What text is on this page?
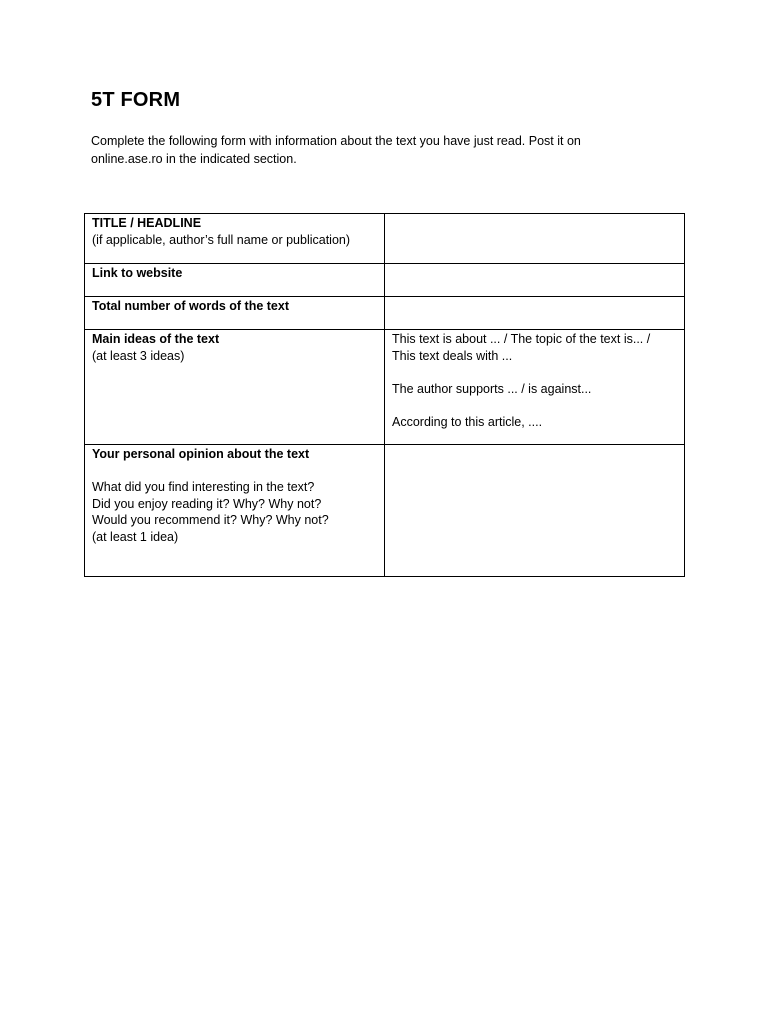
5T FORM
Complete the following form with information about the text you have just read. Post it on
online.ase.ro in the indicated section.
TITLE / HEADLINE
(if applicable, author’s full name or publication)	

Link to website	

Total number of words of the text	

Main ideas of the text
(at least 3 ideas)	This text is about ... / The topic of the text is... /
This text deals with ...
The author supports ... / is against...
According to this article, ....

Your personal opinion about the text
What did you find interesting in the text?
Did you enjoy reading it? Why? Why not?
Would you recommend it? Why? Why not?
(at least 1 idea)	
